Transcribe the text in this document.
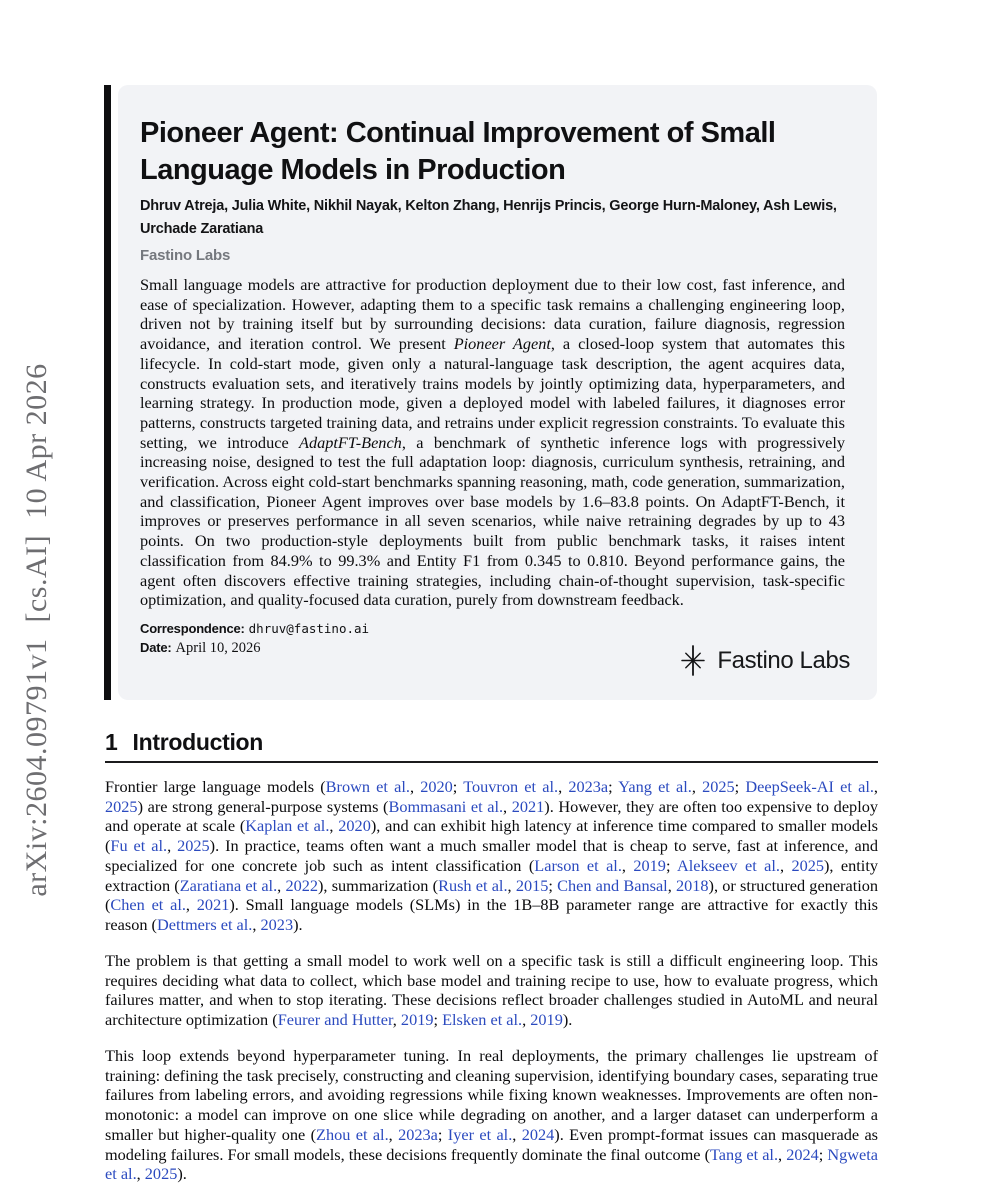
arXiv:2604.09791v1  [cs.AI]  10 Apr 2026
Pioneer Agent: Continual Improvement of Small Language Models in Production
Dhruv Atreja, Julia White, Nikhil Nayak, Kelton Zhang, Henrijs Princis, George Hurn-Maloney, Ash Lewis, Urchade Zaratiana
Fastino Labs
Small language models are attractive for production deployment due to their low cost, fast inference, and ease of specialization. However, adapting them to a specific task remains a challenging engineering loop, driven not by training itself but by surrounding decisions: data curation, failure diagnosis, regression avoidance, and iteration control. We present Pioneer Agent, a closed-loop system that automates this lifecycle. In cold-start mode, given only a natural-language task description, the agent acquires data, constructs evaluation sets, and iteratively trains models by jointly optimizing data, hyperparameters, and learning strategy. In production mode, given a deployed model with labeled failures, it diagnoses error patterns, constructs targeted training data, and retrains under explicit regression constraints. To evaluate this setting, we introduce AdaptFT-Bench, a benchmark of synthetic inference logs with progressively increasing noise, designed to test the full adaptation loop: diagnosis, curriculum synthesis, retraining, and verification. Across eight cold-start benchmarks spanning reasoning, math, code generation, summarization, and classification, Pioneer Agent improves over base models by 1.6–83.8 points. On AdaptFT-Bench, it improves or preserves performance in all seven scenarios, while naive retraining degrades by up to 43 points. On two production-style deployments built from public benchmark tasks, it raises intent classification from 84.9% to 99.3% and Entity F1 from 0.345 to 0.810. Beyond performance gains, the agent often discovers effective training strategies, including chain-of-thought supervision, task-specific optimization, and quality-focused data curation, purely from downstream feedback.
Correspondence: dhruv@fastino.ai
Date: April 10, 2026	Fastino Labs
1 Introduction

Frontier large language models (Brown et al., 2020; Touvron et al., 2023a; Yang et al., 2025; DeepSeek-AI et al., 2025) are strong general-purpose systems (Bommasani et al., 2021). However, they are often too expensive to deploy and operate at scale (Kaplan et al., 2020), and can exhibit high latency at inference time compared to smaller models (Fu et al., 2025). In practice, teams often want a much smaller model that is cheap to serve, fast at inference, and specialized for one concrete job such as intent classification (Larson et al., 2019; Alekseev et al., 2025), entity extraction (Zaratiana et al., 2022), summarization (Rush et al., 2015; Chen and Bansal, 2018), or structured generation (Chen et al., 2021). Small language models (SLMs) in the 1B–8B parameter range are attractive for exactly this reason (Dettmers et al., 2023).

The problem is that getting a small model to work well on a specific task is still a difficult engineering loop. This requires deciding what data to collect, which base model and training recipe to use, how to evaluate progress, which failures matter, and when to stop iterating. These decisions reflect broader challenges studied in AutoML and neural architecture optimization (Feurer and Hutter, 2019; Elsken et al., 2019).

This loop extends beyond hyperparameter tuning. In real deployments, the primary challenges lie upstream of training: defining the task precisely, constructing and cleaning supervision, identifying boundary cases, separating true failures from labeling errors, and avoiding regressions while fixing known weaknesses. Improvements are often non-monotonic: a model can improve on one slice while degrading on another, and a larger dataset can underperform a smaller but higher-quality one (Zhou et al., 2023a; Iyer et al., 2024). Even prompt-format issues can masquerade as modeling failures. For small models, these decisions frequently dominate the final outcome (Tang et al., 2024; Ngweta et al., 2025).
